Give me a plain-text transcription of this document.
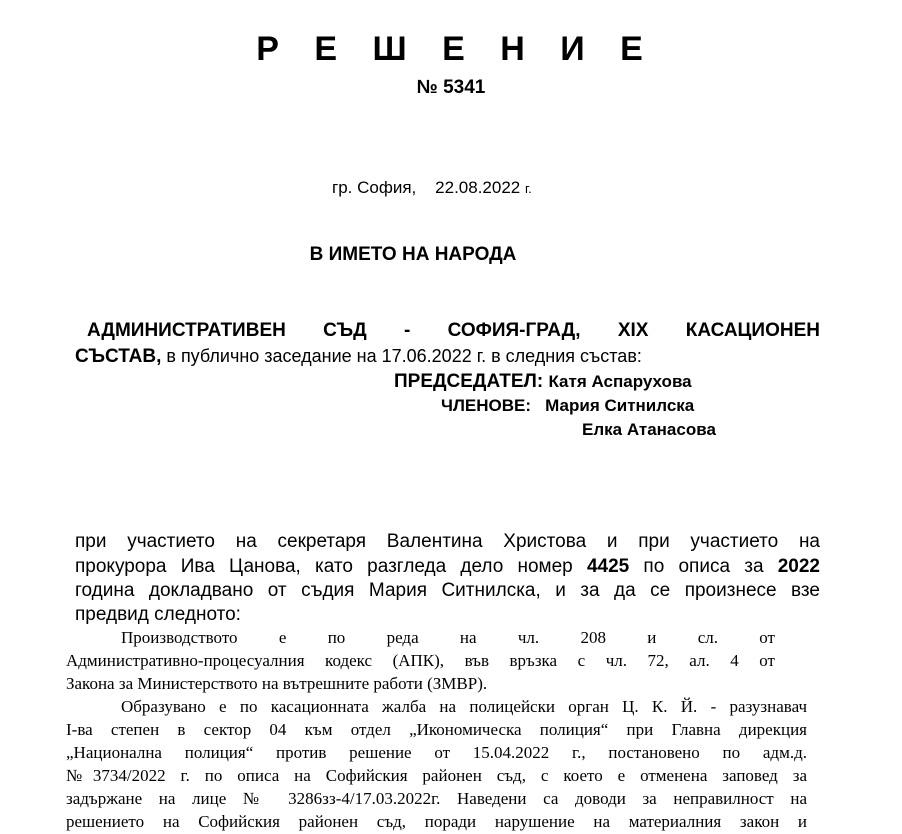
Р Е Ш Е Н И Е
№ 5341
гр. София, 22.08.2022 г.
В ИМЕТО НА НАРОДА
АДМИНИСТРАТИВЕН СЪД - СОФИЯ-ГРАД, XIX КАСАЦИОНЕН
СЪСТАВ, в публично заседание на 17.06.2022 г. в следния състав:
ПРЕДСЕДАТЕЛ: Катя Аспарухова
ЧЛЕНОВЕ: Мария Ситнилска
Елка Атанасова
при участието на секретаря Валентина Христова и при участието на
прокурора Ива Цанова, като разгледа дело номер 4425 по описа за 2022
година докладвано от съдия Мария Ситнилска, и за да се произнесе взе
предвид следното:
Производството е по реда на чл. 208 и сл. от
Административно-процесуалния кодекс (АПК), във връзка с чл. 72, ал. 4 от
Закона за Министерството на вътрешните работи (ЗМВР).
Образувано е по касационната жалба на полицейски орган Ц. К. Й. - разузнавач
I-ва степен в сектор 04 към отдел „Икономическа полиция“ при Главна дирекция
„Национална полиция“ против решение от 15.04.2022 г., постановено по адм.д.
№3734/2022 г. по описа на Софийския районен съд, с което е отменена заповед за
задържане на лице № 3286зз-4/17.03.2022г. Наведени са доводи за неправилност на
решението на Софийския районен съд, поради нарушение на материалния закон и
